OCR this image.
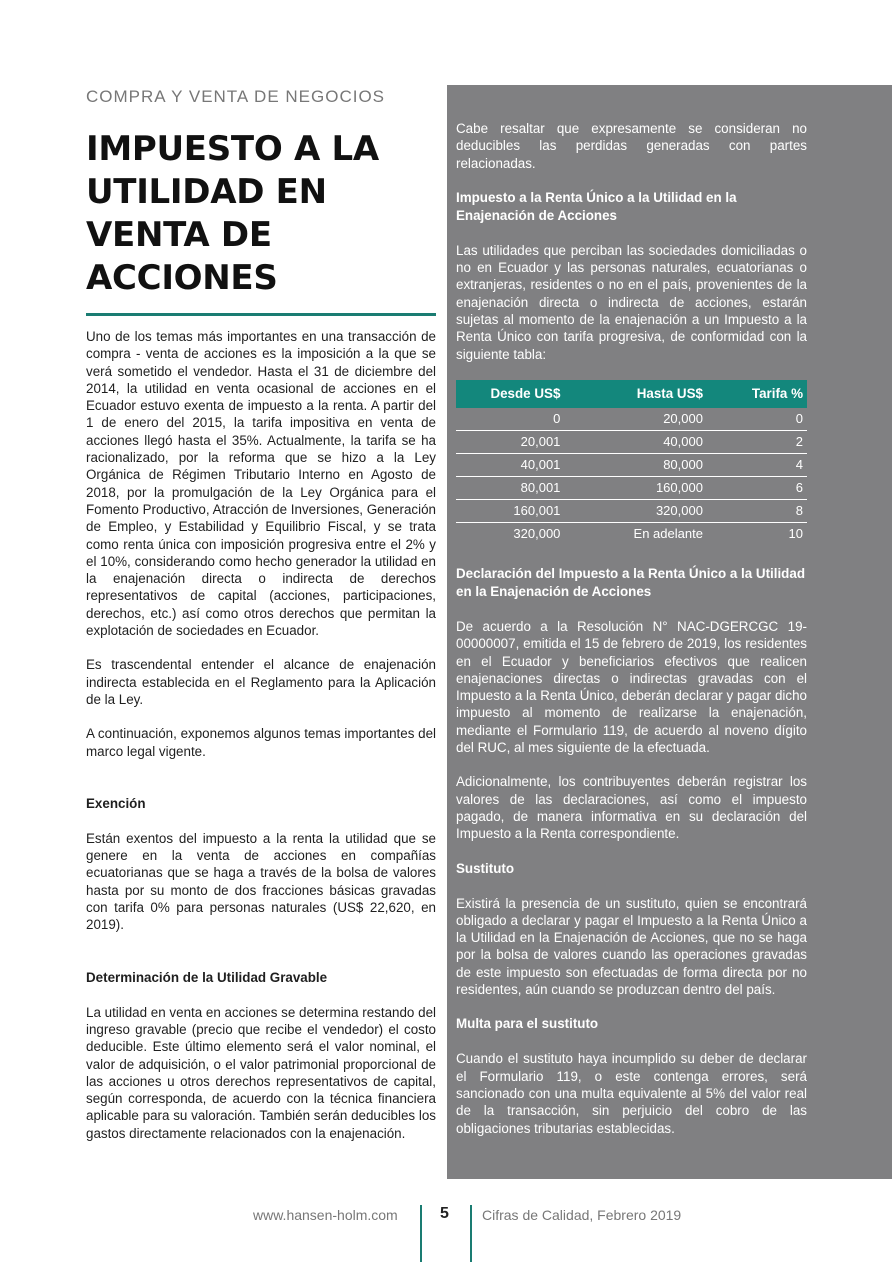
COMPRA Y VENTA DE NEGOCIOS
IMPUESTO A LA UTILIDAD EN VENTA DE ACCIONES

Uno de los temas más importantes en una transacción de compra - venta de acciones es la imposición a la que se verá sometido el vendedor. Hasta el 31 de diciembre del 2014, la utilidad en venta ocasional de acciones en el Ecuador estuvo exenta de impuesto a la renta. A partir del 1 de enero del 2015, la tarifa impositiva en venta de acciones llegó hasta el 35%. Actualmente, la tarifa se ha racionalizado, por la reforma que se hizo a la Ley Orgánica de Régimen Tributario Interno en Agosto de 2018, por la promulgación de la Ley Orgánica para el Fomento Productivo, Atracción de Inversiones, Generación de Empleo, y Estabilidad y Equilibrio Fiscal, y se trata como renta única con imposición progresiva entre el 2% y el 10%, considerando como hecho generador la utilidad en la enajenación directa o indirecta de derechos representativos de capital (acciones, participaciones, derechos, etc.) así como otros derechos que permitan la explotación de sociedades en Ecuador.

Es trascendental entender el alcance de enajenación indirecta establecida en el Reglamento para la Aplicación de la Ley.

A continuación, exponemos algunos temas importantes del marco legal vigente.

Exención

Están exentos del impuesto a la renta la utilidad que se genere en la venta de acciones en compañías ecuatorianas que se haga a través de la bolsa de valores hasta por su monto de dos fracciones básicas gravadas con tarifa 0% para personas naturales (US$ 22,620, en 2019).

Determinación de la Utilidad Gravable

La utilidad en venta en acciones se determina restando del ingreso gravable (precio que recibe el vendedor) el costo deducible. Este último elemento será el valor nominal, el valor de adquisición, o el valor patrimonial proporcional de las acciones u otros derechos representativos de capital, según corresponda, de acuerdo con la técnica financiera aplicable para su valoración. También serán deducibles los gastos directamente relacionados con la enajenación.

Cabe resaltar que expresamente se consideran no deducibles las perdidas generadas con partes relacionadas.

Impuesto a la Renta Único a la Utilidad en la Enajenación de Acciones

Las utilidades que perciban las sociedades domiciliadas o no en Ecuador y las personas naturales, ecuatorianas o extranjeras, residentes o no en el país, provenientes de la enajenación directa o indirecta de acciones, estarán sujetas al momento de la enajenación a un Impuesto a la Renta Único con tarifa progresiva, de conformidad con la siguiente tabla:

Desde US$	Hasta US$	Tarifa %
0	20,000	0
20,001	40,000	2
40,001	80,000	4
80,001	160,000	6
160,001	320,000	8
320,000	En adelante	10
Declaración del Impuesto a la Renta Único a la Utilidad en la Enajenación de Acciones

De acuerdo a la Resolución N° NAC-DGERCGC 19-00000007, emitida el 15 de febrero de 2019, los residentes en el Ecuador y beneficiarios efectivos que realicen enajenaciones directas o indirectas gravadas con el Impuesto a la Renta Único, deberán declarar y pagar dicho impuesto al momento de realizarse la enajenación, mediante el Formulario 119, de acuerdo al noveno dígito del RUC, al mes siguiente de la efectuada.

Adicionalmente, los contribuyentes deberán registrar los valores de las declaraciones, así como el impuesto pagado, de manera informativa en su declaración del Impuesto a la Renta correspondiente.

Sustituto

Existirá la presencia de un sustituto, quien se encontrará obligado a declarar y pagar el Impuesto a la Renta Único a la Utilidad en la Enajenación de Acciones, que no se haga por la bolsa de valores cuando las operaciones gravadas de este impuesto son efectuadas de forma directa por no residentes, aún cuando se produzcan dentro del país.

Multa para el sustituto

Cuando el sustituto haya incumplido su deber de declarar el Formulario 119, o este contenga errores, será sancionado con una multa equivalente al 5% del valor real de la transacción, sin perjuicio del cobro de las obligaciones tributarias establecidas.

www.hansen-holm.com	5 Cifras de Calidad, Febrero 2019
